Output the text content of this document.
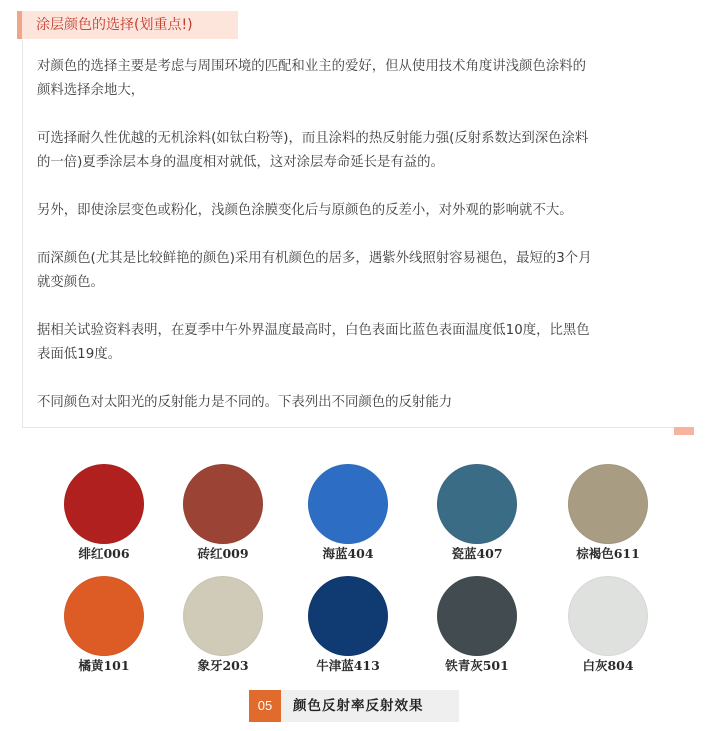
涂层颜色的选择(划重点!)

对颜色的选择主要是考虑与周围环境的匹配和业主的爱好，但从使用技术角度讲浅颜色涂料的
颜料选择余地大，

可选择耐久性优越的无机涂料(如钛白粉等)，而且涂料的热反射能力强(反射系数达到深色涂料
的一倍)夏季涂层本身的温度相对就低，这对涂层寿命延长是有益的。

另外，即使涂层变色或粉化，浅颜色涂膜变化后与原颜色的反差小，对外观的影响就不大。

而深颜色(尤其是比较鲜艳的颜色)采用有机颜色的居多，遇紫外线照射容易褪色，最短的3个月
就变颜色。

据相关试验资料表明，在夏季中午外界温度最高时，白色表面比蓝色表面温度低10度，比黑色
表面低19度。

不同颜色对太阳光的反射能力是不同的。下表列出不同颜色的反射能力

绯红006	砖红009	海蓝404	瓷蓝407	棕褐色611
橘黄101	象牙203	牛津蓝413	铁青灰501	白灰804
05	颜色反射率反射效果
